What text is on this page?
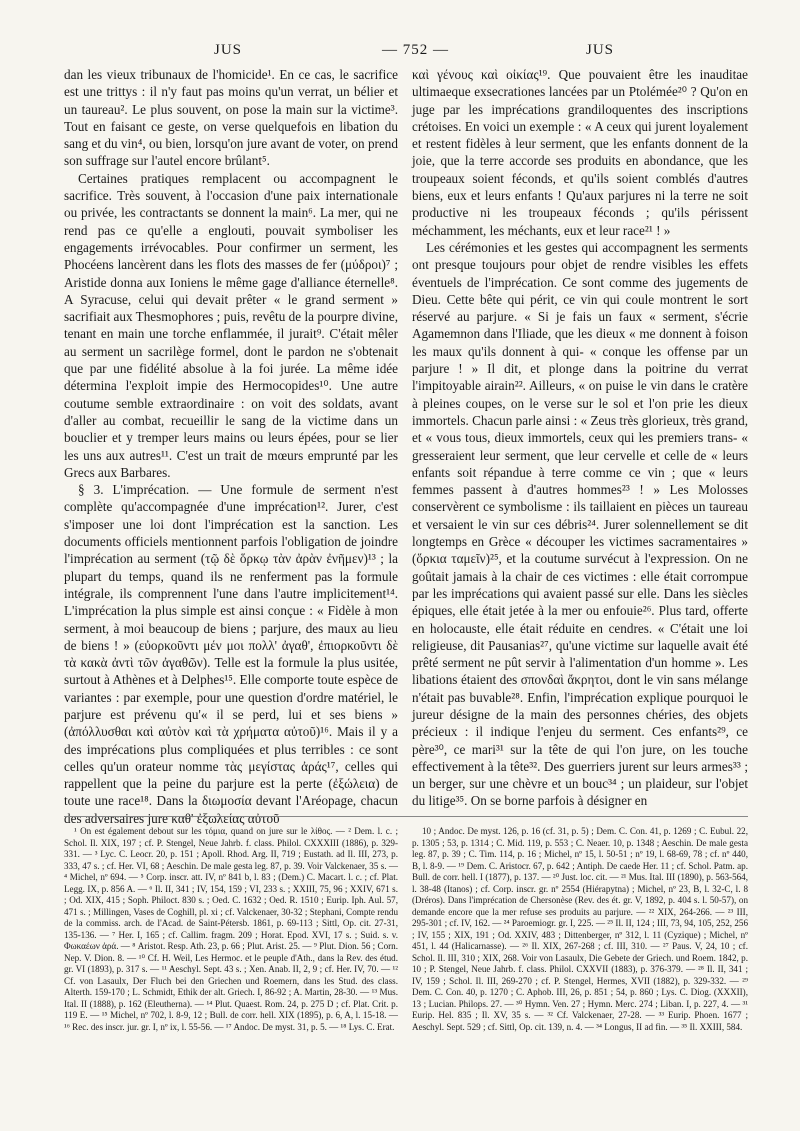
JUS	— 752 —	JUS

dan les vieux tribunaux de l'homicide¹. En ce cas, le sacrifice est une trittys : il n'y faut pas moins qu'un verrat, un bélier et un taureau². Le plus souvent, on pose la main sur la victime³. Tout en faisant ce geste, on verse quelquefois en libation du sang et du vin⁴, ou bien, lorsqu'on jure avant de voter, on prend son suffrage sur l'autel encore brûlant⁵.

Certaines pratiques remplacent ou accompagnent le sacrifice. Très souvent, à l'occasion d'une paix internationale ou privée, les contractants se donnent la main⁶. La mer, qui ne rend pas ce qu'elle a englouti, pouvait symboliser les engagements irrévocables. Pour confirmer un serment, les Phocéens lancèrent dans les flots des masses de fer (μύδροι)⁷ ; Aristide donna aux Ioniens le même gage d'alliance éternelle⁸. A Syracuse, celui qui devait prêter « le grand serment » sacrifiait aux Thesmophores ; puis, revêtu de la pourpre divine, tenant en main une torche enflammée, il jurait⁹. C'était mêler au serment un sacrilège formel, dont le pardon ne s'obtenait que par une fidélité absolue à la foi jurée. La même idée détermina l'exploit impie des Hermocopides¹⁰. Une autre coutume semble extraordinaire : on voit des soldats, avant d'aller au combat, recueillir le sang de la victime dans un bouclier et y tremper leurs mains ou leurs épées, pour se lier les uns aux autres¹¹. C'est un trait de mœurs emprunté par les Grecs aux Barbares.

§ 3. L'imprécation. — Une formule de serment n'est complète qu'accompagnée d'une imprécation¹². Jurer, c'est s'imposer une loi dont l'imprécation est la sanction. Les documents officiels mentionnent parfois l'obligation de joindre l'imprécation au serment (τῷ δὲ ὅρκῳ τὰν ἀρὰν ἐνῆμεν)¹³ ; la plupart du temps, quand ils ne renferment pas la formule intégrale, ils comprennent l'une dans l'autre implicitement¹⁴. L'imprécation la plus simple est ainsi conçue : « Fidèle à mon serment, à moi beaucoup de biens ; parjure, des maux au lieu de biens ! » (εὐορκοῦντι μέν μοι πολλ' ἀγαθ', ἐπιορκοῦντι δὲ τὰ κακὰ ἀντὶ τῶν ἀγαθῶν). Telle est la formule la plus usitée, surtout à Athènes et à Delphes¹⁵. Elle comporte toute espèce de variantes : par exemple, pour une question d'ordre matériel, le parjure est prévenu qu'« il se perd, lui et ses biens » (ἀπόλλυσθαι καὶ αὐτὸν καὶ τὰ χρήματα αὐτοῦ)¹⁶. Mais il y a des imprécations plus compliquées et plus terribles : ce sont celles qu'un orateur nomme τὰς μεγίστας ἀράς¹⁷, celles qui rappellent que la peine du parjure est la perte (ἐξώλεια) de toute une race¹⁸. Dans la διωμοσία devant l'Aréopage, chacun des adversaires jure καθ' ἐξωλείας αὐτοῦ

καὶ γένους καὶ οἰκίας¹⁹. Que pouvaient être les inauditae ultimaeque exsecrationes lancées par un Ptolémée²⁰ ? Qu'on en juge par les imprécations grandiloquentes des inscriptions crétoises. En voici un exemple : « A ceux qui jurent loyalement et restent fidèles à leur serment, que les enfants donnent de la joie, que la terre accorde ses produits en abondance, que les troupeaux soient féconds, et qu'ils soient comblés d'autres biens, eux et leurs enfants ! Qu'aux parjures ni la terre ne soit productive ni les troupeaux féconds ; qu'ils périssent méchamment, les méchants, eux et leur race²¹ ! »

Les cérémonies et les gestes qui accompagnent les serments ont presque toujours pour objet de rendre visibles les effets éventuels de l'imprécation. Ce sont comme des jugements de Dieu. Cette bête qui périt, ce vin qui coule montrent le sort réservé au parjure. « Si je fais un faux « serment, s'écrie Agamemnon dans l'Iliade, que les dieux « me donnent à foison les maux qu'ils donnent à qui- « conque les offense par un parjure ! » Il dit, et plonge dans la poitrine du verrat l'impitoyable airain²². Ailleurs, « on puise le vin dans le cratère à pleines coupes, on le verse sur le sol et l'on prie les dieux immortels. Chacun parle ainsi : « Zeus très glorieux, très grand, et « vous tous, dieux immortels, ceux qui les premiers trans- « gresseraient leur serment, que leur cervelle et celle de « leurs enfants soit répandue à terre comme ce vin ; que « leurs femmes passent à d'autres hommes²³ ! » Les Molosses conservèrent ce symbolisme : ils taillaient en pièces un taureau et versaient le vin sur ces débris²⁴. Jurer solennellement se dit longtemps en Grèce « découper les victimes sacramentaires » (ὅρκια ταμεῖν)²⁵, et la coutume survécut à l'expression. On ne goûtait jamais à la chair de ces victimes : elle était corrompue par les imprécations qui avaient passé sur elle. Dans les siècles épiques, elle était jetée à la mer ou enfouie²⁶. Plus tard, offerte en holocauste, elle était réduite en cendres. « C'était une loi religieuse, dit Pausanias²⁷, qu'une victime sur laquelle avait été prêté serment ne pût servir à l'alimentation d'un homme ». Les libations étaient des σπονδαὶ ἄκρητοι, dont le vin sans mélange n'était pas buvable²⁸. Enfin, l'imprécation explique pourquoi le jureur désigne de la main des personnes chéries, des objets précieux : il indique l'enjeu du serment. Ces enfants²⁹, ce père³⁰, ce mari³¹ sur la tête de qui l'on jure, on les touche effectivement à la tête³². Des guerriers jurent sur leurs armes³³ ; un berger, sur une chèvre et un bouc³⁴ ; un plaideur, sur l'objet du litige³⁵. On se borne parfois à désigner en

¹ On est également debout sur les τόμια, quand on jure sur le λίθος. — ² Dem. l. c. ; Schol. Il. XIX, 197 ; cf. P. Stengel, Neue Jahrb. f. class. Philol. CXXXIII (1886), p. 329-331. — ³ Lyc. C. Leocr. 20, p. 151 ; Apoll. Rhod. Arg. II, 719 ; Eustath. ad Il. III, 273, p. 333, 47 s. ; cf. Her. VI, 68 ; Aeschin. De male gesta leg. 87, p. 39. Voir Valckenaer, 35 s. — ⁴ Michel, nº 694. — ⁵ Corp. inscr. att. IV, nº 841 b, l. 83 ; (Dem.) C. Macart. l. c. ; cf. Plat. Legg. IX, p. 856 A. — ⁶ Il. II, 341 ; IV, 154, 159 ; VI, 233 s. ; XXIII, 75, 96 ; XXIV, 671 s. ; Od. XIX, 415 ; Soph. Philoct. 830 s. ; Oed. C. 1632 ; Oed. R. 1510 ; Eurip. Iph. Aul. 57, 471 s. ; Millingen, Vases de Coghill, pl. xi ; cf. Valckenaer, 30-32 ; Stephani, Compte rendu de la commiss. arch. de l'Acad. de Saint-Pétersb. 1861, p. 69-113 ; Sittl, Op. cit. 27-31, 135-136. — ⁷ Her. I, 165 ; cf. Callim. fragm. 209 ; Horat. Epod. XVI, 17 s. ; Suid. s. v. Φωκαέων ἀρά. — ⁸ Aristot. Resp. Ath. 23, p. 66 ; Plut. Arist. 25. — ⁹ Plut. Dion. 56 ; Corn. Nep. V. Dion. 8. — ¹⁰ Cf. H. Weil, Les Hermoc. et le peuple d'Ath., dans la Rev. des étud. gr. VI (1893), p. 317 s. — ¹¹ Aeschyl. Sept. 43 s. ; Xen. Anab. II, 2, 9 ; cf. Her. IV, 70. — ¹² Cf. von Lasaulx, Der Fluch bei den Griechen und Roemern, dans les Stud. des class. Alterth. 159-170 ; L. Schmidt, Ethik der alt. Griech. I, 86-92 ; A. Martin, 28-30. — ¹³ Mus. Ital. II (1888), p. 162 (Eleutherna). — ¹⁴ Plut. Quaest. Rom. 24, p. 275 D ; cf. Plat. Crit. p. 119 E. — ¹⁵ Michel, nº 702, l. 8-9, 12 ; Bull. de corr. hell. XIX (1895), p. 6, A, l. 15-18. — ¹⁶ Rec. des inscr. jur. gr. I, nº ix, l. 55-56. — ¹⁷ Andoc. De myst. 31, p. 5. — ¹⁸ Lys. C. Erat.

10 ; Andoc. De myst. 126, p. 16 (cf. 31, p. 5) ; Dem. C. Con. 41, p. 1269 ; C. Eubul. 22, p. 1305 ; 53, p. 1314 ; C. Mid. 119, p. 553 ; C. Neaer. 10, p. 1348 ; Aeschin. De male gesta leg. 87, p. 39 ; C. Tim. 114, p. 16 ; Michel, nº 15, l. 50-51 ; nº 19, l. 68-69, 78 ; cf. nº 440, B, l. 8-9. — ¹⁹ Dem. C. Aristocr. 67, p. 642 ; Antiph. De caede Her. 11 ; cf. Schol. Patm. ap. Bull. de corr. hell. I (1877), p. 137. — ²⁰ Just. loc. cit. — ²¹ Mus. Ital. III (1890), p. 563-564, l. 38-48 (Itanos) ; cf. Corp. inscr. gr. nº 2554 (Hiérapytna) ; Michel, nº 23, B, l. 32-C, l. 8 (Dréros). Dans l'imprécation de Chersonèse (Rev. des ét. gr. V, 1892, p. 404 s. l. 50-57), on demande encore que la mer refuse ses produits au parjure. — ²² XIX, 264-266. — ²³ III, 295-301 ; cf. IV, 162. — ²⁴ Paroemiogr. gr. I, 225. — ²⁵ Il. II, 124 ; III, 73, 94, 105, 252, 256 ; IV, 155 ; XIX, 191 ; Od. XXIV, 483 ; Dittenberger, nº 312, l. 11 (Cyzique) ; Michel, nº 451, l. 44 (Halicarnasse). — ²⁶ Il. XIX, 267-268 ; cf. III, 310. — ²⁷ Paus. V, 24, 10 ; cf. Schol. Il. III, 310 ; XIX, 268. Voir von Lasaulx, Die Gebete der Griech. und Roem. 1842, p. 10 ; P. Stengel, Neue Jahrb. f. class. Philol. CXXVII (1883), p. 376-379. — ²⁸ Il. II, 341 ; IV, 159 ; Schol. Il. III, 269-270 ; cf. P. Stengel, Hermes, XVII (1882), p. 329-332. — ²⁹ Dem. C. Con. 40, p. 1270 ; C. Aphob. III, 26, p. 851 ; 54, p. 860 ; Lys. C. Diog. (XXXII), 13 ; Lucian. Philops. 27. — ³⁰ Hymn. Ven. 27 ; Hymn. Merc. 274 ; Liban. I, p. 227, 4. — ³¹ Eurip. Hel. 835 ; Il. XV, 35 s. — ³² Cf. Valckenaer, 27-28. — ³³ Eurip. Phoen. 1677 ; Aeschyl. Sept. 529 ; cf. Sittl, Op. cit. 139, n. 4. — ³⁴ Longus, II ad fin. — ³⁵ Il. XXIII, 584.
